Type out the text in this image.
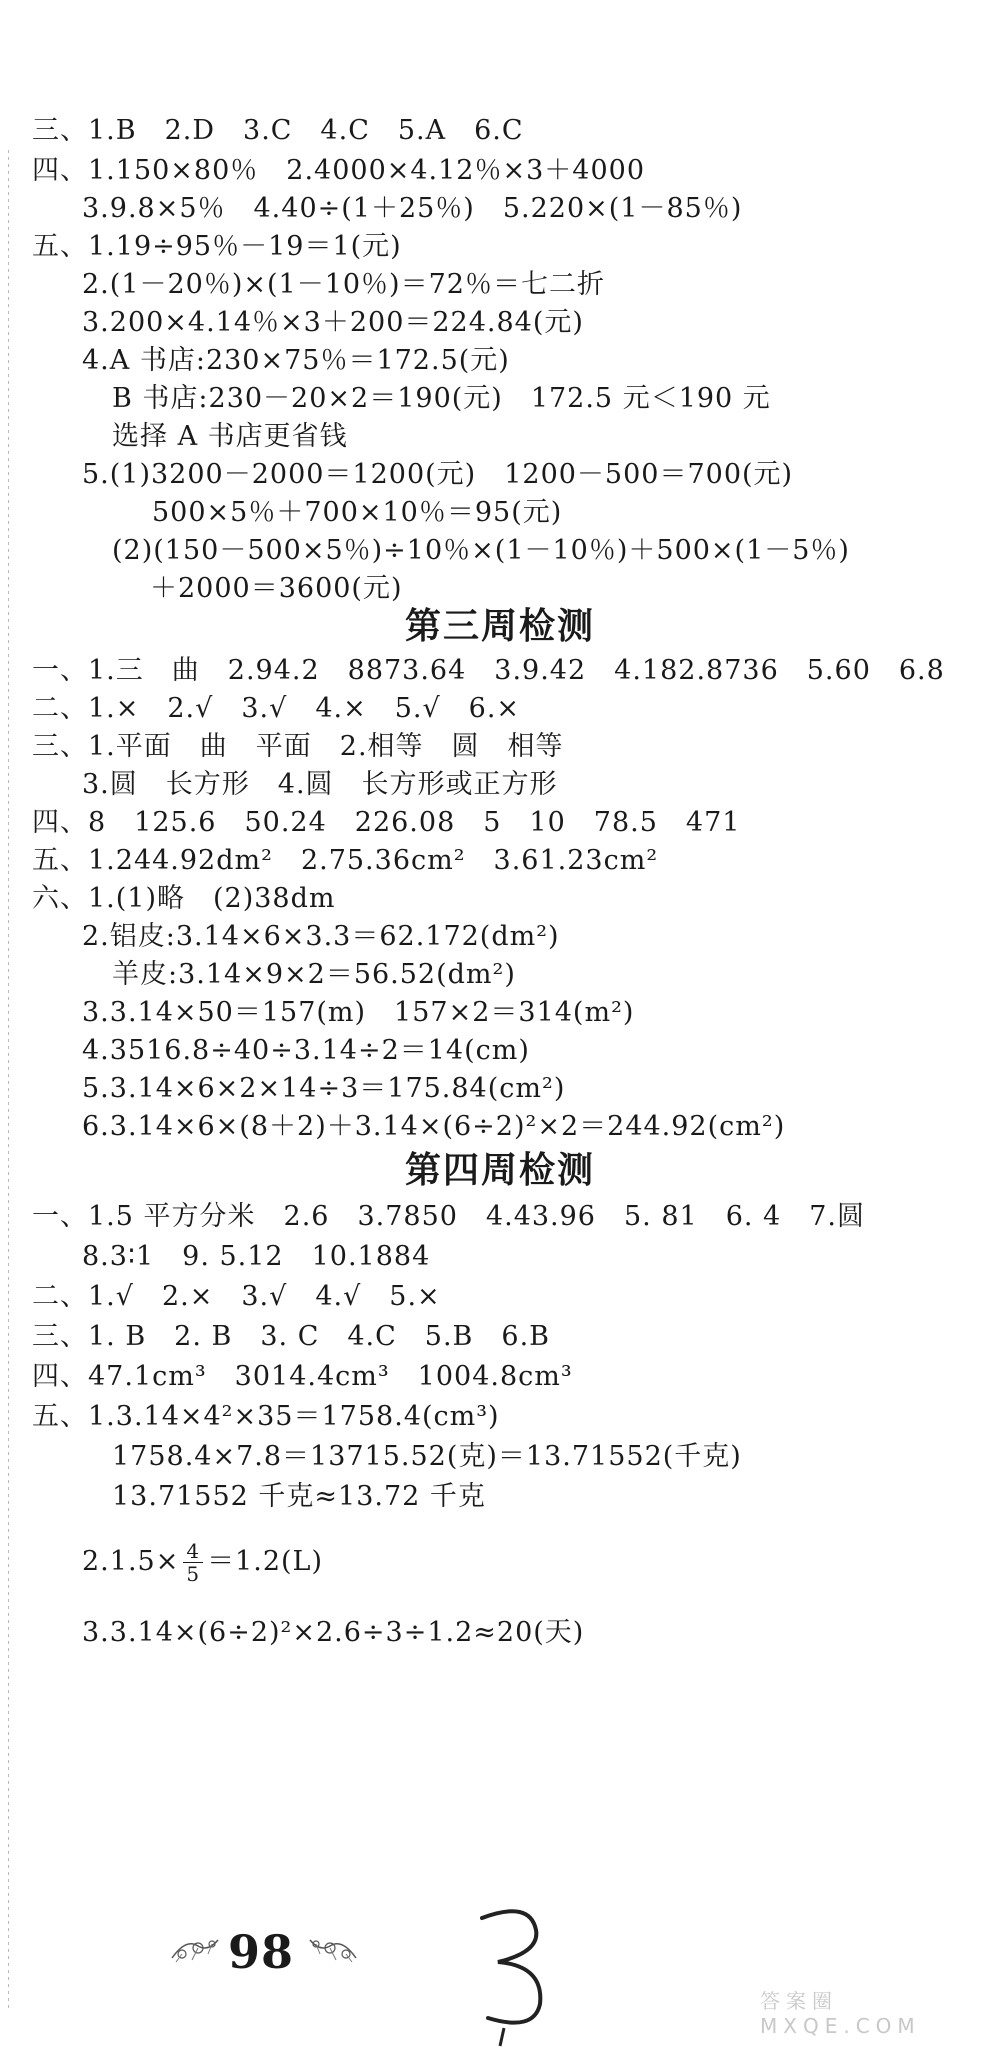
三、1.B　2.D　3.C　4.C　5.A　6.C
四、1.150×80％　2.4000×4.12％×3＋4000
3.9.8×5％　4.40÷(1＋25％)　5.220×(1－85％)
五、1.19÷95％－19＝1(元)
2.(1－20％)×(1－10％)＝72％＝七二折
3.200×4.14％×3＋200＝224.84(元)
4.A 书店:230×75％＝172.5(元)
B 书店:230－20×2＝190(元)　172.5 元＜190 元
选择 A 书店更省钱
5.(1)3200－2000＝1200(元)　1200－500＝700(元)
500×5％＋700×10％＝95(元)
(2)(150－500×5％)÷10％×(1－10％)＋500×(1－5％)
＋2000＝3600(元)
第三周检测
一、1.三　曲　2.94.2　8873.64　3.9.42　4.182.8736　5.60　6.8
二、1.×　2.√　3.√　4.×　5.√　6.×
三、1.平面　曲　平面　2.相等　圆　相等
3.圆　长方形　4.圆　长方形或正方形
四、8　125.6　50.24　226.08　5　10　78.5　471
五、1.244.92dm²　2.75.36cm²　3.61.23cm²
六、1.(1)略　(2)38dm
2.铝皮:3.14×6×3.3＝62.172(dm²)
羊皮:3.14×9×2＝56.52(dm²)
3.3.14×50＝157(m)　157×2＝314(m²)
4.3516.8÷40÷3.14÷2＝14(cm)
5.3.14×6×2×14÷3＝175.84(cm²)
6.3.14×6×(8＋2)＋3.14×(6÷2)²×2＝244.92(cm²)
第四周检测
一、1.5 平方分米　2.6　3.7850　4.43.96　5. 81　6. 4　7.圆
8.3∶1　9. 5.12　10.1884
二、1.√　2.×　3.√　4.√　5.×
三、1. B　2. B　3. C　4.C　5.B　6.B
四、47.1cm³　3014.4cm³　1004.8cm³
五、1.3.14×4²×35＝1758.4(cm³)
1758.4×7.8＝13715.52(克)＝13.71552(千克)
13.71552 千克≈13.72 千克
$2.1.5\times \frac{4}{5} =1.2(L)$
3.3.14×(6÷2)²×2.6÷3÷1.2≈20(天)
98
答案圈 MXQE.COM
